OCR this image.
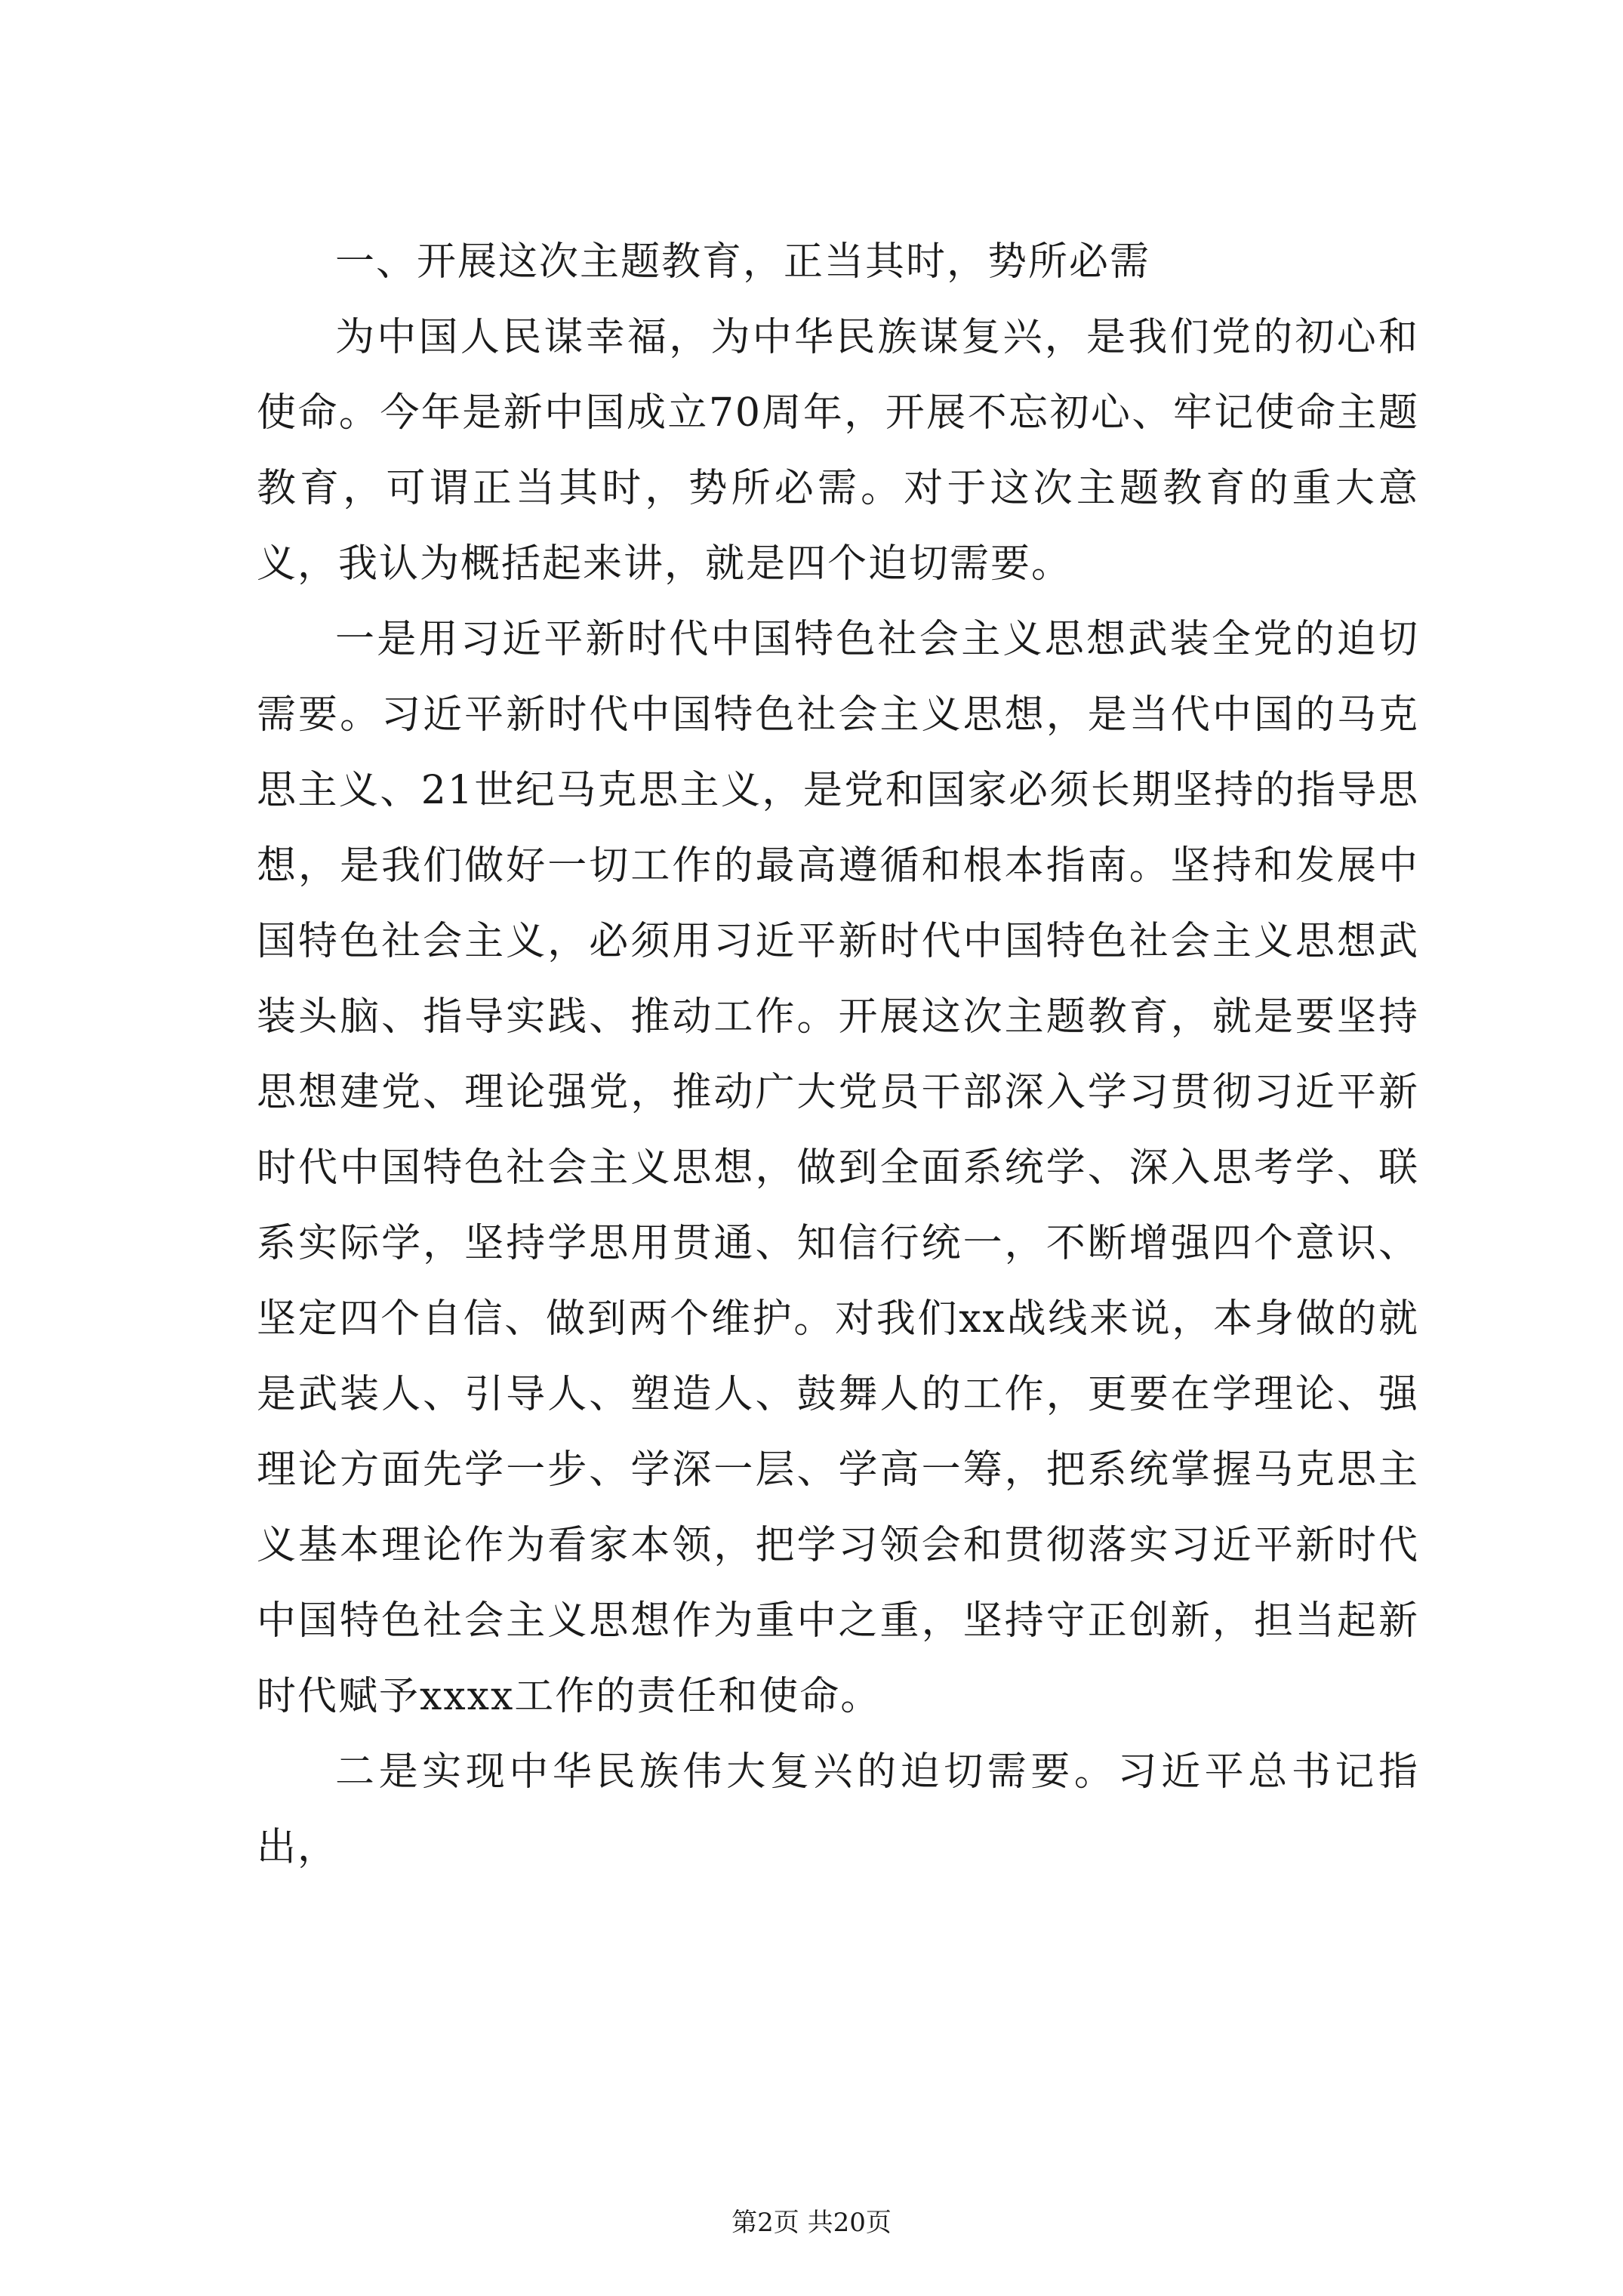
一、开展这次主题教育，正当其时，势所必需

为中国人民谋幸福，为中华民族谋复兴，是我们党的初心和使命。今年是新中国成立70周年，开展不忘初心、牢记使命主题教育，可谓正当其时，势所必需。对于这次主题教育的重大意义，我认为概括起来讲，就是四个迫切需要。

一是用习近平新时代中国特色社会主义思想武装全党的迫切需要。习近平新时代中国特色社会主义思想，是当代中国的马克思主义、21世纪马克思主义，是党和国家必须长期坚持的指导思想，是我们做好一切工作的最高遵循和根本指南。坚持和发展中国特色社会主义，必须用习近平新时代中国特色社会主义思想武装头脑、指导实践、推动工作。开展这次主题教育，就是要坚持思想建党、理论强党，推动广大党员干部深入学习贯彻习近平新时代中国特色社会主义思想，做到全面系统学、深入思考学、联系实际学，坚持学思用贯通、知信行统一，不断增强四个意识、坚定四个自信、做到两个维护。对我们xx战线来说，本身做的就是武装人、引导人、塑造人、鼓舞人的工作，更要在学理论、强理论方面先学一步、学深一层、学高一筹，把系统掌握马克思主义基本理论作为看家本领，把学习领会和贯彻落实习近平新时代中国特色社会主义思想作为重中之重，坚持守正创新，担当起新时代赋予xxxx工作的责任和使命。

二是实现中华民族伟大复兴的迫切需要。习近平总书记指出，

第2页 共20页
